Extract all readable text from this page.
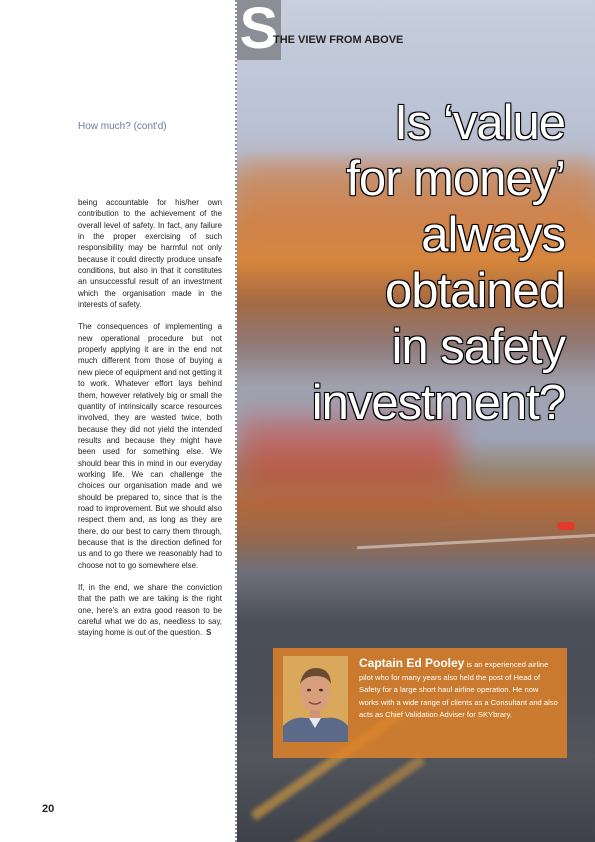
How much? (cont'd)

being accountable for his/her own contribution to the achievement of the overall level of safety. In fact, any failure in the proper exercising of such responsibility may be harmful not only because it could directly produce unsafe conditions, but also in that it constitutes an unsuccessful result of an investment which the organisation made in the interests of safety.

The consequences of implementing a new operational procedure but not properly applying it are in the end not much different from those of buying a new piece of equipment and not getting it to work. Whatever effort lays behind them, however relatively big or small the quantity of intrinsically scarce resources involved, they are wasted twice, both because they did not yield the intended results and because they might have been used for something else. We should bear this in mind in our everyday working life. We can challenge the choices our organisation made and we should be prepared to, since that is the road to improvement. But we should also respect them and, as long as they are there, do our best to carry them through, because that is the direction defined for us and to go there we reasonably had to choose not to go somewhere else.

If, in the end, we share the conviction that the path we are taking is the right one, here's an extra good reason to be careful what we do as, needless to say, staying home is out of the question. S

20
S
THE VIEW FROM ABOVE
Is ‘value
for money’
always
obtained
in safety
investment?
Captain Ed Pooley is an experienced airline pilot who for many years also held the post of Head of Safety for a large short haul airline operation. He now works with a wide range of clients as a Consultant and also acts as Chief Validation Adviser for SKYbrary.
